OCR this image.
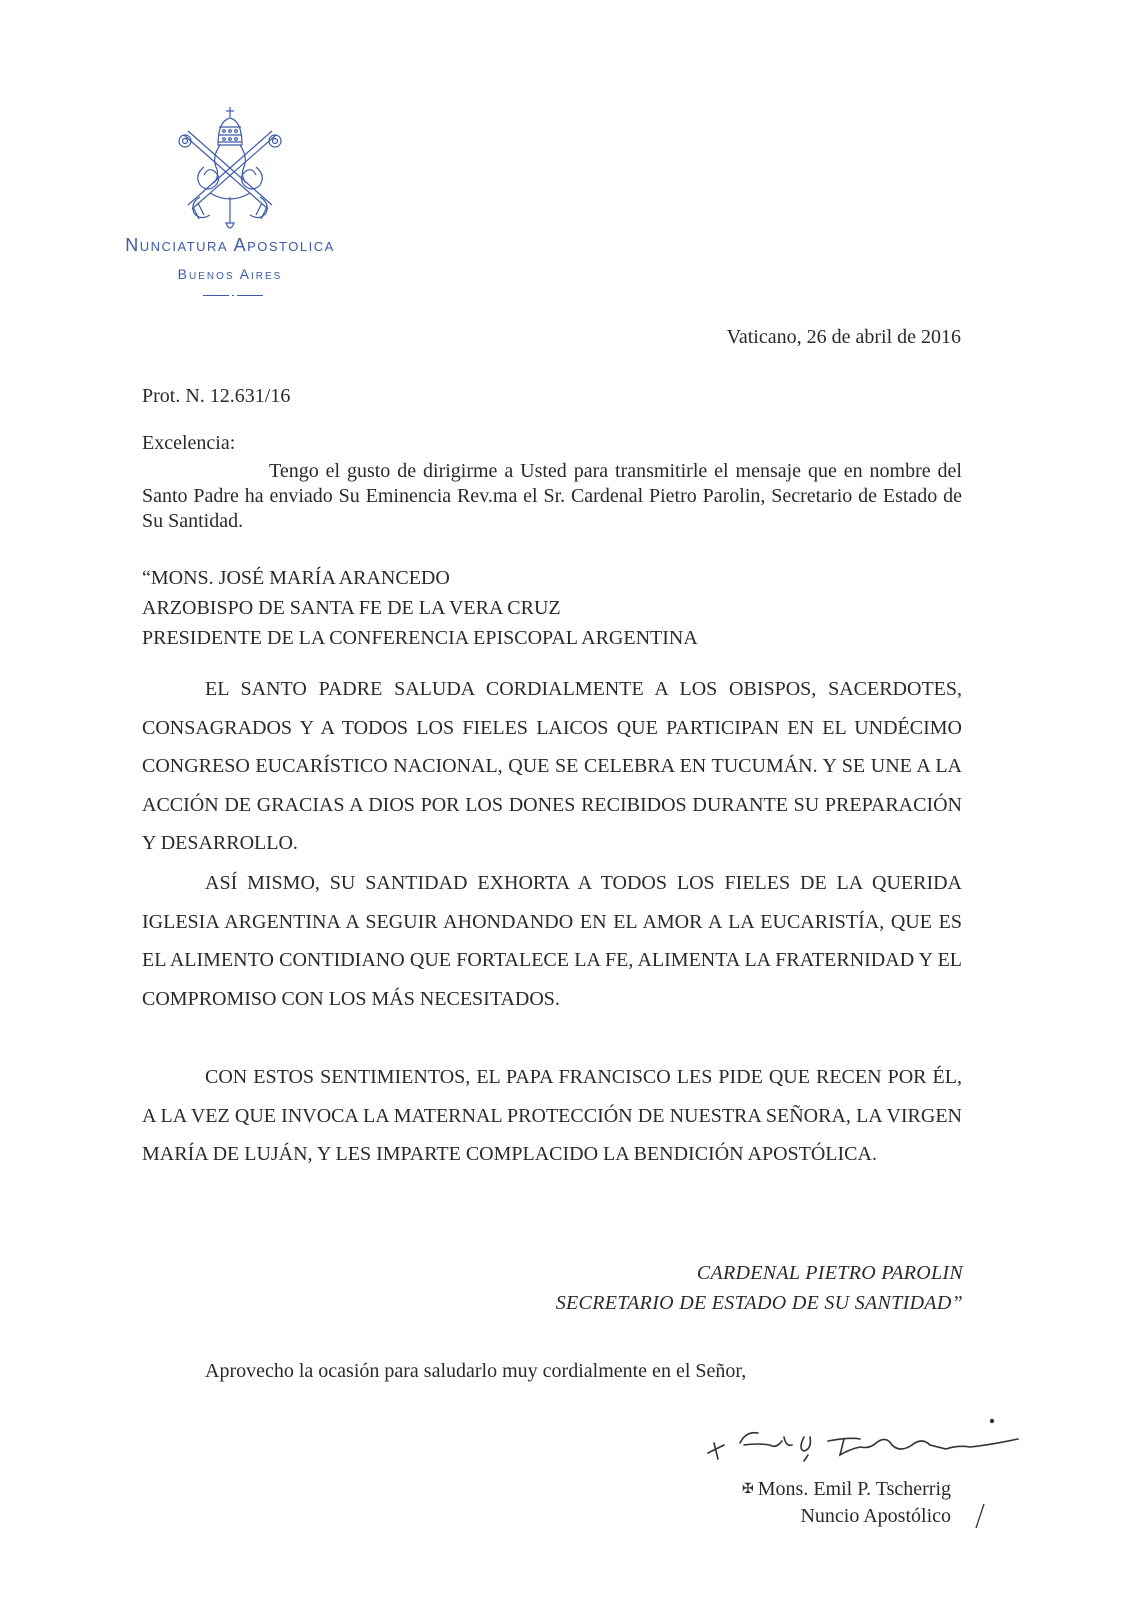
Nunciatura Apostolica
Buenos Aires
Vaticano, 26 de abril de 2016
Prot. N. 12.631/16
Excelencia:
Tengo el gusto de dirigirme a Usted para transmitirle el mensaje que en nombre del Santo Padre ha enviado Su Eminencia Rev.ma el Sr. Cardenal Pietro Parolin, Secretario de Estado de Su Santidad.
“MONS. JOSÉ MARÍA ARANCEDO
ARZOBISPO DE SANTA FE DE LA VERA CRUZ
PRESIDENTE DE LA CONFERENCIA EPISCOPAL ARGENTINA
EL SANTO PADRE SALUDA CORDIALMENTE A LOS OBISPOS, SACERDOTES, CONSAGRADOS Y A TODOS LOS FIELES LAICOS QUE PARTICIPAN EN EL UNDÉCIMO CONGRESO EUCARÍSTICO NACIONAL, QUE SE CELEBRA EN TUCUMÁN. Y SE UNE A LA ACCIÓN DE GRACIAS A DIOS POR LOS DONES RECIBIDOS DURANTE SU PREPARACIÓN Y DESARROLLO.
ASÍ MISMO, SU SANTIDAD EXHORTA A TODOS LOS FIELES DE LA QUERIDA IGLESIA ARGENTINA A SEGUIR AHONDANDO EN EL AMOR A LA EUCARISTÍA, QUE ES EL ALIMENTO CONTIDIANO QUE FORTALECE LA FE, ALIMENTA LA FRATERNIDAD Y EL COMPROMISO CON LOS MÁS NECESITADOS.
CON ESTOS SENTIMIENTOS, EL PAPA FRANCISCO LES PIDE QUE RECEN POR ÉL, A LA VEZ QUE INVOCA LA MATERNAL PROTECCIÓN DE NUESTRA SEÑORA, LA VIRGEN MARÍA DE LUJÁN, Y LES IMPARTE COMPLACIDO LA BENDICIÓN APOSTÓLICA.
CARDENAL PIETRO PAROLIN
SECRETARIO DE ESTADO DE SU SANTIDAD”
Aprovecho la ocasión para saludarlo muy cordialmente en el Señor,
✠ Mons. Emil P. Tscherrig
Nuncio Apostólico
